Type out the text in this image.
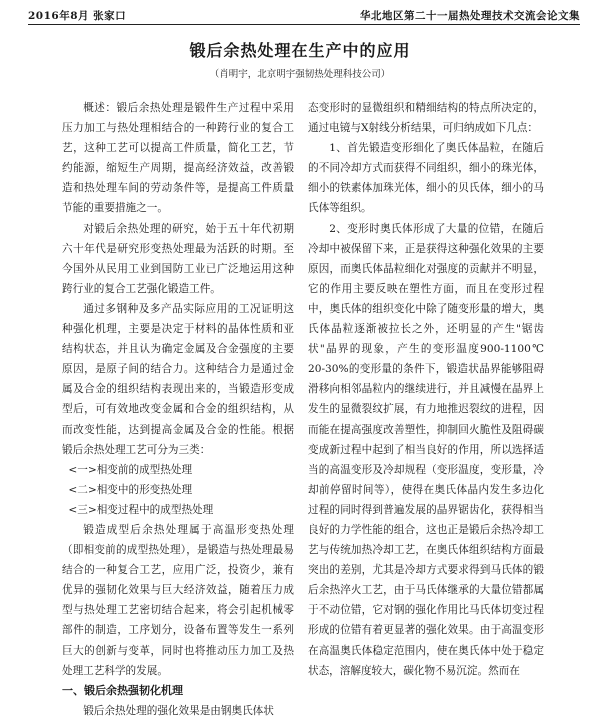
2016年8月 张家口	华北地区第二十一届热处理技术交流会论文集
锻后余热处理在生产中的应用
（肖明宇，北京明宇强韧热处理科技公司）

概述：锻后余热处理是锻件生产过程中采用压力加工与热处理相结合的一种跨行业的复合工艺，这种工艺可以提高工件质量，简化工艺，节约能源，缩短生产周期，提高经济效益，改善锻造和热处理车间的劳动条件等，是提高工件质量节能的重要措施之一。

对锻后余热处理的研究，始于五十年代初期六十年代是研究形变热处理最为活跃的时期。至今国外从民用工业到国防工业已广泛地运用这种跨行业的复合工艺强化锻造工件。

通过多钢种及多产品实际应用的工况证明这种强化机理，主要是决定于材料的晶体性质和亚结构状态，并且认为确定金属及合金强度的主要原因，是原子间的结合力。这种结合力是通过金属及合金的组织结构表现出来的，当锻造形变成型后，可有效地改变金属和合金的组织结构，从而改变性能，达到提高金属及合金的性能。根据锻后余热处理工艺可分为三类：

<一>相变前的成型热处理

<二>相变中的形变热处理

<三>相变过程中的成型热处理

锻造成型后余热处理属于高温形变热处理（即相变前的成型热处理），是锻造与热处理最易结合的一种复合工艺，应用广泛，投资少，兼有优异的强韧化效果与巨大经济效益，随着压力成型与热处理工艺密切结合起来，将会引起机械零部件的制造，工序划分，设备布置等发生一系列巨大的创新与变革，同时也将推动压力加工及热处理工艺科学的发展。

一、锻后余热强韧化机理

锻后余热处理的强化效果是由钢奥氏体状

态变形时的显微组织和精细结构的特点所决定的，通过电镜与X射线分析结果，可归纳成如下几点：

1、首先锻造变形细化了奥氏体晶粒，在随后的不同冷却方式而获得不同组织，细小的珠光体，细小的铁素体加珠光体，细小的贝氏体，细小的马氏体等组织。

2、变形时奥氏体形成了大量的位错，在随后冷却中被保留下来，正是获得这种强化效果的主要原因，而奥氏体晶粒细化对强度的贡献并不明显，它的作用主要反映在塑性方面，而且在变形过程中，奥氏体的组织变化中除了随变形量的增大，奥氏体晶粒逐渐被拉长之外，还明显的产生"锯齿状"晶界的现象，产生的变形温度900-1100℃ 20-30%的变形量的条件下，锻造状晶界能够阻碍滑移向相邻晶粒内的继续进行，并且减慢在晶界上发生的显微裂纹扩展，有力地推迟裂纹的进程，因而能在提高强度改善塑性，抑制回火脆性及阻碍碳变成新过程中起到了相当良好的作用，所以选择适当的高温变形及冷却规程（变形温度，变形量，冷却前停留时间等），使得在奥氏体晶内发生多边化过程的同时得到普遍发展的晶界锯齿化，获得相当良好的力学性能的组合，这也正是锻后余热冷却工艺与传统加热冷却工艺，在奥氏体组织结构方面最突出的差别，尤其是冷却方式要求得到马氏体的锻后余热淬火工艺，由于马氏体继承的大量位错都属于不动位错，它对钢的强化作用比马氏体切变过程形成的位错有着更显著的强化效果。由于高温变形在高温奥氏体稳定范围内，使在奥氏体中处于稳定状态，溶解度较大，碳化物不易沉淀。然而在
